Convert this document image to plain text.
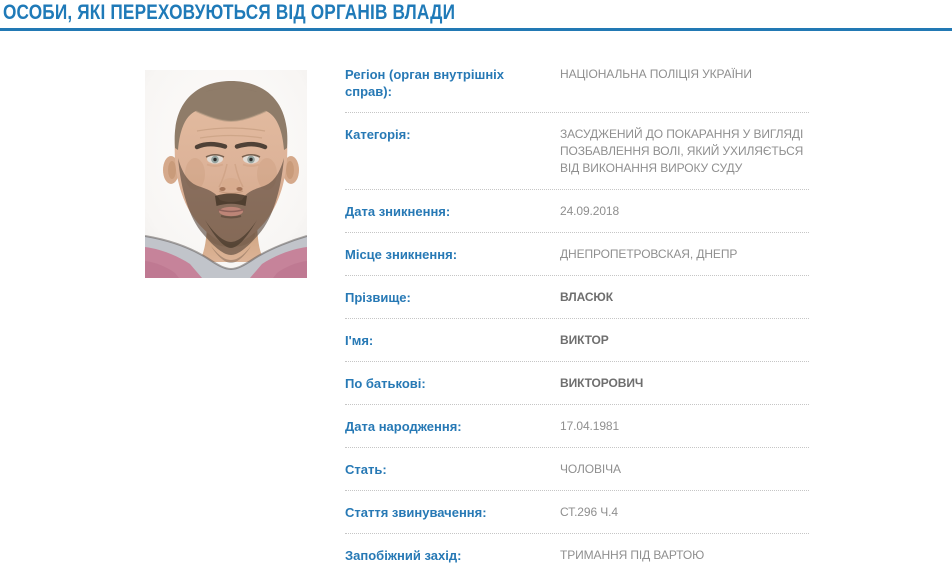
ОСОБИ, ЯКІ ПЕРЕХОВУЮТЬСЯ ВІД ОРГАНІВ ВЛАДИ
Регіон (орган внутрішніх справ):
НАЦІОНАЛЬНА ПОЛІЦІЯ УКРАЇНИ
Категорія:	ЗАСУДЖЕНИЙ ДО ПОКАРАННЯ У ВИГЛЯДІ ПОЗБАВЛЕННЯ ВОЛІ, ЯКИЙ УХИЛЯЄТЬСЯ ВІД ВИКОНАННЯ ВИРОКУ СУДУ
Дата зникнення:	24.09.2018
Місце зникнення:	ДНЕПРОПЕТРОВСКАЯ, ДНЕПР
Прізвище:	ВЛАСЮК
І'мя:	ВИКТОР
По батькові:	ВИКТОРОВИЧ
Дата народження:	17.04.1981
Стать:	ЧОЛОВІЧА
Стаття звинувачення:	СТ.296 Ч.4
Запобіжний захід:	ТРИМАННЯ ПІД ВАРТОЮ
